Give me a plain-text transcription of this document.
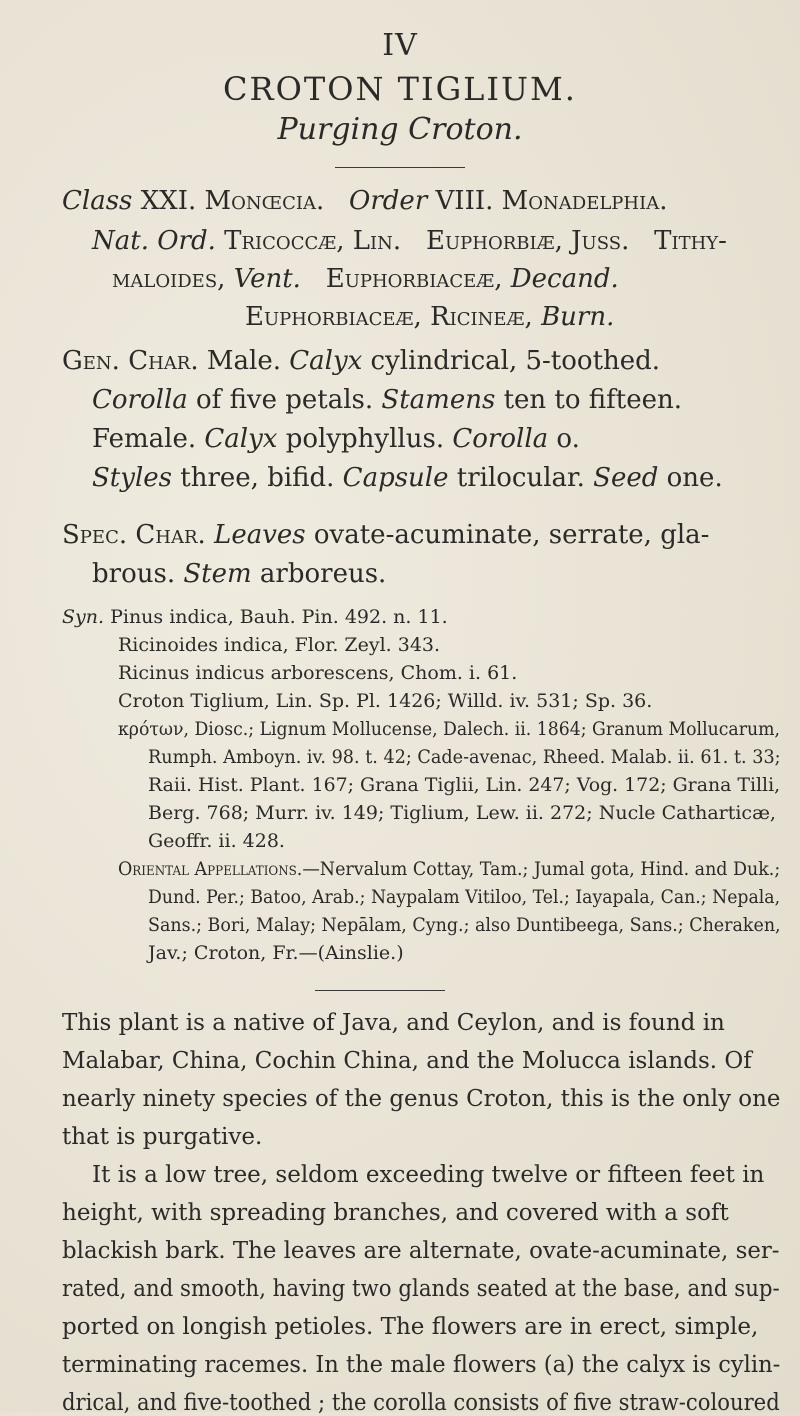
IV
CROTON TIGLIUM.
Purging Croton.
Class XXI. Monœcia. Order VIII. Monadelphia.
Nat. Ord. Tricoccæ, Lin. Euphorbiæ, Juss. Tithy-
maloides, Vent. Euphorbiaceæ, Decand.
Euphorbiaceæ, Ricineæ, Burn.
Gen. Char. Male. Calyx cylindrical, 5-toothed.
Corolla of five petals. Stamens ten to fifteen.
Female. Calyx polyphyllus. Corolla o.
Styles three, bifid. Capsule trilocular. Seed one.
Spec. Char. Leaves ovate-acuminate, serrate, gla-
brous. Stem arboreus.
Syn. Pinus indica, Bauh. Pin. 492. n. 11.
Ricinoides indica, Flor. Zeyl. 343.
Ricinus indicus arborescens, Chom. i. 61.
Croton Tiglium, Lin. Sp. Pl. 1426; Willd. iv. 531; Sp. 36.
κρότων, Diosc.; Lignum Mollucense, Dalech. ii. 1864; Granum Mollucarum,
Rumph. Amboyn. iv. 98. t. 42; Cade-avenac, Rheed. Malab. ii. 61. t. 33;
Raii. Hist. Plant. 167; Grana Tiglii, Lin. 247; Vog. 172; Grana Tilli,
Berg. 768; Murr. iv. 149; Tiglium, Lew. ii. 272; Nucle Catharticæ,
Geoffr. ii. 428.
Oriental Appellations.—Nervalum Cottay, Tam.; Jumal gota, Hind. and Duk.;
Dund. Per.; Batoo, Arab.; Naypalam Vitiloo, Tel.; Iayapala, Can.; Nepala,
Sans.; Bori, Malay; Nepālam, Cyng.; also Duntibeega, Sans.; Cheraken,
Jav.; Croton, Fr.—(Ainslie.)
This plant is a native of Java, and Ceylon, and is found in
Malabar, China, Cochin China, and the Molucca islands. Of
nearly ninety species of the genus Croton, this is the only one
that is purgative.
It is a low tree, seldom exceeding twelve or fifteen feet in
height, with spreading branches, and covered with a soft
blackish bark. The leaves are alternate, ovate-acuminate, ser-
rated, and smooth, having two glands seated at the base, and sup-
ported on longish petioles. The flowers are in erect, simple,
terminating racemes. In the male flowers (a) the calyx is cylin-
drical, and five-toothed ; the corolla consists of five straw-coloured
